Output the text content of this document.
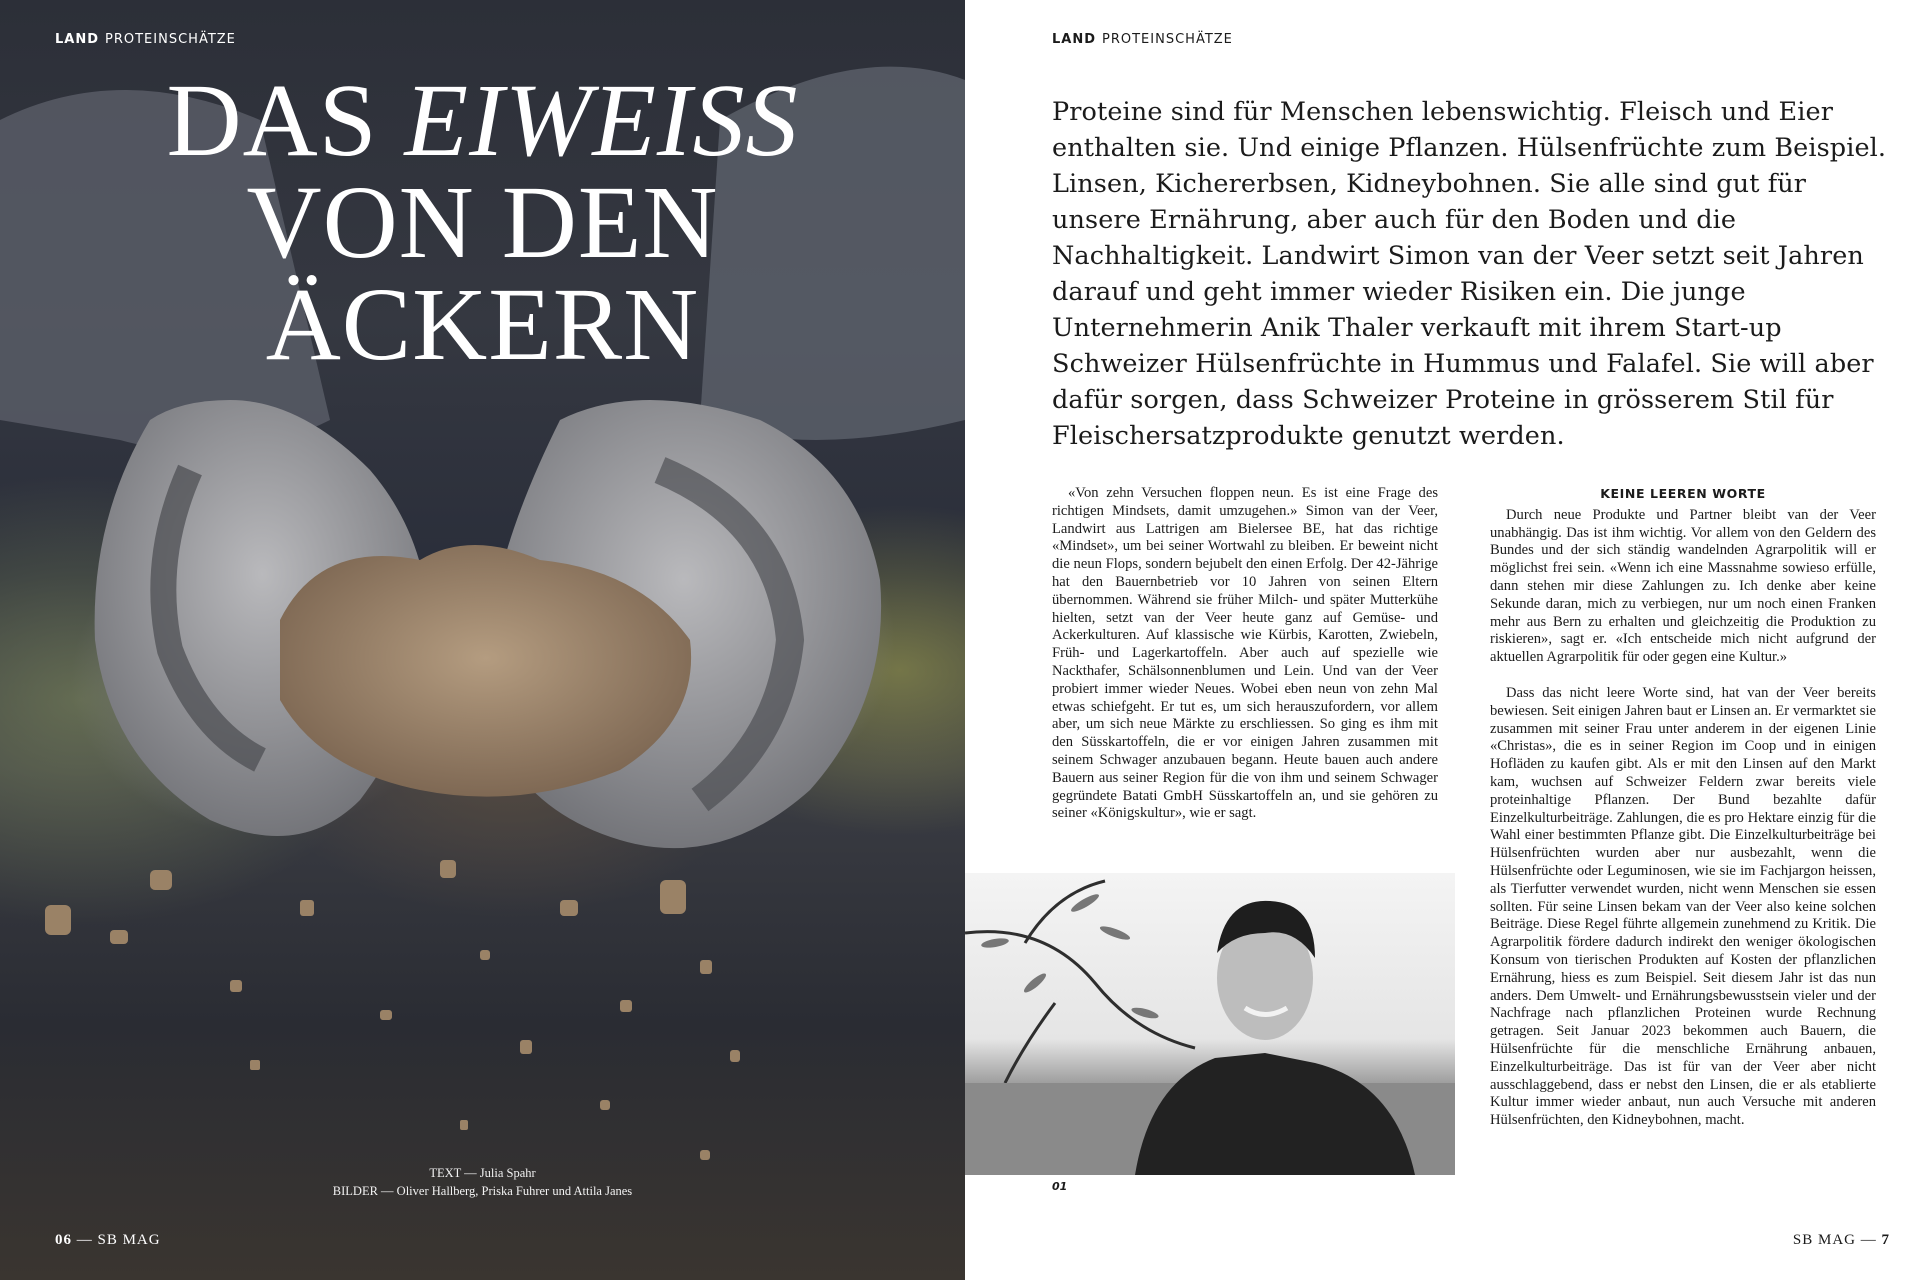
LAND PROTEINSCHÄTZE
DAS EIWEISS
VON DEN
ÄCKERN
TEXT — Julia Spahr
BILDER — Oliver Hallberg, Priska Fuhrer und Attila Janes
06 — SB MAG
LAND PROTEINSCHÄTZE

Proteine sind für Menschen lebenswichtig. Fleisch und Eier enthalten sie. Und einige Pflanzen. Hülsenfrüchte zum Beispiel. Linsen, Kichererbsen, Kidneybohnen. Sie alle sind gut für unsere Ernährung, aber auch für den Boden und die Nachhaltigkeit. Landwirt Simon van der Veer setzt seit Jahren darauf und geht immer wieder Risiken ein. Die junge Unternehmerin Anik Thaler verkauft mit ihrem Start-up Schweizer Hülsenfrüchte in Hummus und Falafel. Sie will aber dafür sorgen, dass Schweizer Proteine in grösserem Stil für Fleischersatzprodukte genutzt werden.

«Von zehn Versuchen floppen neun. Es ist eine Frage des richtigen Mindsets, damit umzugehen.» Simon van der Veer, Landwirt aus Lattrigen am Bielersee BE, hat das richtige «Mindset», um bei seiner Wortwahl zu bleiben. Er beweint nicht die neun Flops, sondern bejubelt den einen Erfolg. Der 42-Jährige hat den Bauernbetrieb vor 10 Jahren von seinen Eltern übernommen. Während sie früher Milch- und später Mutterkühe hielten, setzt van der Veer heute ganz auf Gemüse- und Ackerkulturen. Auf klassische wie Kürbis, Karotten, Zwiebeln, Früh- und Lagerkartoffeln. Aber auch auf spezielle wie Nackthafer, Schälsonnenblumen und Lein. Und van der Veer probiert immer wieder Neues. Wobei eben neun von zehn Mal etwas schiefgeht. Er tut es, um sich herauszufordern, vor allem aber, um sich neue Märkte zu erschliessen. So ging es ihm mit den Süsskartoffeln, die er vor einigen Jahren zusammen mit seinem Schwager anzubauen begann. Heute bauen auch andere Bauern aus seiner Region für die von ihm und seinem Schwager gegründete Batati GmbH Süsskartoffeln an, und sie gehören zu seiner «Königskultur», wie er sagt.

KEINE LEEREN WORTE

Durch neue Produkte und Partner bleibt van der Veer unabhängig. Das ist ihm wichtig. Vor allem von den Geldern des Bundes und der sich ständig wandelnden Agrarpolitik will er möglichst frei sein. «Wenn ich eine Massnahme sowieso erfülle, dann stehen mir diese Zahlungen zu. Ich denke aber keine Sekunde daran, mich zu verbiegen, nur um noch einen Franken mehr aus Bern zu erhalten und gleichzeitig die Produktion zu riskieren», sagt er. «Ich entscheide mich nicht aufgrund der aktuellen Agrarpolitik für oder gegen eine Kultur.»

Dass das nicht leere Worte sind, hat van der Veer bereits bewiesen. Seit einigen Jahren baut er Linsen an. Er vermarktet sie zusammen mit seiner Frau unter anderem in der eigenen Linie «Christas», die es in seiner Region im Coop und in einigen Hofläden zu kaufen gibt. Als er mit den Linsen auf den Markt kam, wuchsen auf Schweizer Feldern zwar bereits viele proteinhaltige Pflanzen. Der Bund bezahlte dafür Einzelkulturbeiträge. Zahlungen, die es pro Hektare einzig für die Wahl einer bestimmten Pflanze gibt. Die Einzelkulturbeiträge bei Hülsenfrüchten wurden aber nur ausbezahlt, wenn die Hülsenfrüchte oder Leguminosen, wie sie im Fachjargon heissen, als Tierfutter verwendet wurden, nicht wenn Menschen sie essen sollten. Für seine Linsen bekam van der Veer also keine solchen Beiträge. Diese Regel führte allgemein zunehmend zu Kritik. Die Agrarpolitik fördere dadurch indirekt den weniger ökologischen Konsum von tierischen Produkten auf Kosten der pflanzlichen Ernährung, hiess es zum Beispiel. Seit diesem Jahr ist das nun anders. Dem Umwelt- und Ernährungsbewusstsein vieler und der Nachfrage nach pflanzlichen Proteinen wurde Rechnung getragen. Seit Januar 2023 bekommen auch Bauern, die Hülsenfrüchte für die menschliche Ernährung anbauen, Einzelkulturbeiträge. Das ist für van der Veer aber nicht ausschlaggebend, dass er nebst den Linsen, die er als etablierte Kultur immer wieder anbaut, nun auch Versuche mit anderen Hülsenfrüchten, den Kidneybohnen, macht.

01
SB MAG — 7
